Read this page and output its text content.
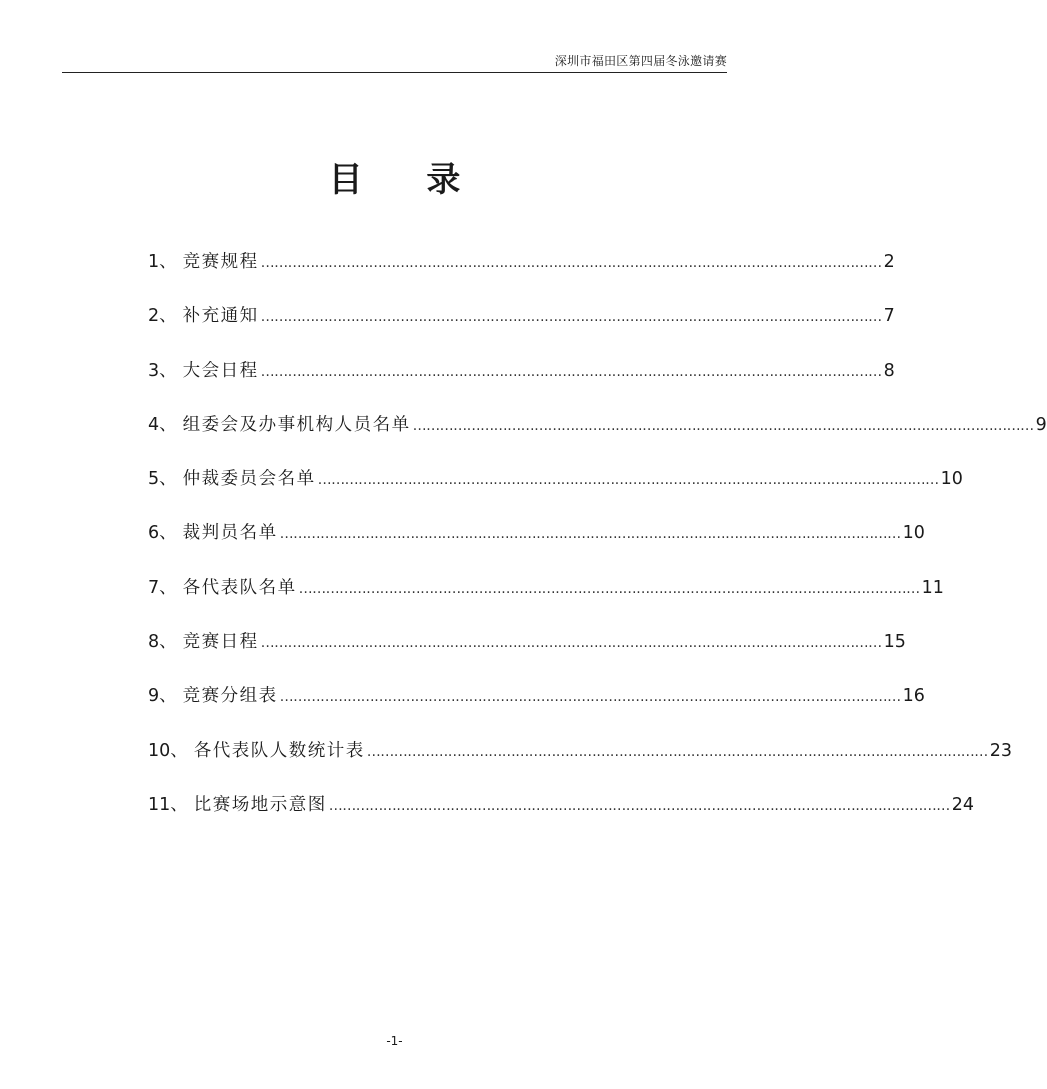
深圳市福田区第四届冬泳邀请赛
目 录
1 、 竞赛规程 ………………………………………………………………………………………………………………………… 2
2 、 补充通知 ………………………………………………………………………………………………………………………… 7
3 、 大会日程 ………………………………………………………………………………………………………………………… 8
4 、 组委会及办事机构人员名单 ………………………………………………………………………………………………………………………… 9
5 、 仲裁委员会名单 ………………………………………………………………………………………………………………………… 10
6 、 裁判员名单 ………………………………………………………………………………………………………………………… 10
7 、 各代表队名单 ………………………………………………………………………………………………………………………… 11
8 、 竞赛日程 ………………………………………………………………………………………………………………………… 15
9 、 竞赛分组表 ………………………………………………………………………………………………………………………… 16
10 、 各代表队人数统计表 ………………………………………………………………………………………………………………………… 23
11 、 比赛场地示意图 ………………………………………………………………………………………………………………………… 24
-1-
